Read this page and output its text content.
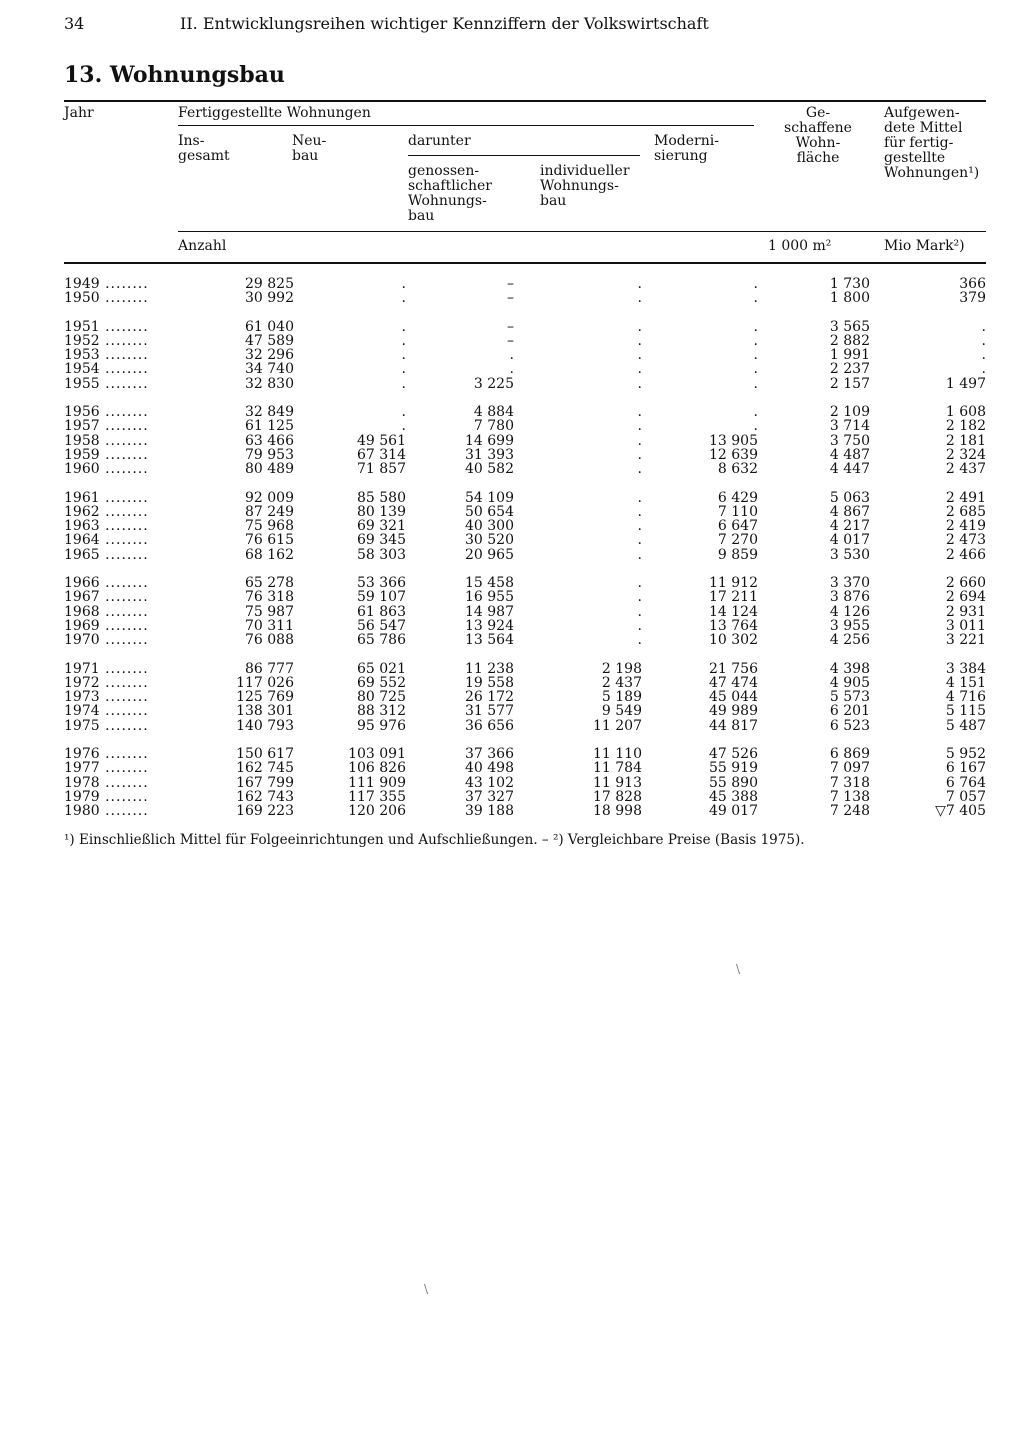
34	II. Entwicklungsreihen wichtiger Kennziffern der Volkswirtschaft
13. Wohnungsbau
Jahr	Fertiggestellte Wohnungen
Ins-
gesamt
Neu-
bau
darunter
genossen-
schaftlicher
Wohnungs-
bau
individueller
Wohnungs-
bau
Moderni-
sierung
Ge-
schaffene
Wohn-
fläche
Aufgewen-
dete Mittel
für fertig-
gestellte
Wohnungen¹)
Anzahl	1 000 m²	Mio Mark²)
1949 ........	29 825	.	–	.	.	1 730	366
1950 ........	30 992	.	–	.	.	1 800	379
1951 ........	61 040	.	–	.	.	3 565	.
1952 ........	47 589	.	–	.	.	2 882	.
1953 ........	32 296	.	.	.	.	1 991	.
1954 ........	34 740	.	.	.	.	2 237	.
1955 ........	32 830	.	3 225	.	.	2 157	1 497
1956 ........	32 849	.	4 884	.	.	2 109	1 608
1957 ........	61 125	.	7 780	.	.	3 714	2 182
1958 ........	63 466	49 561	14 699	.	13 905	3 750	2 181
1959 ........	79 953	67 314	31 393	.	12 639	4 487	2 324
1960 ........	80 489	71 857	40 582	.	8 632	4 447	2 437
1961 ........	92 009	85 580	54 109	.	6 429	5 063	2 491
1962 ........	87 249	80 139	50 654	.	7 110	4 867	2 685
1963 ........	75 968	69 321	40 300	.	6 647	4 217	2 419
1964 ........	76 615	69 345	30 520	.	7 270	4 017	2 473
1965 ........	68 162	58 303	20 965	.	9 859	3 530	2 466
1966 ........	65 278	53 366	15 458	.	11 912	3 370	2 660
1967 ........	76 318	59 107	16 955	.	17 211	3 876	2 694
1968 ........	75 987	61 863	14 987	.	14 124	4 126	2 931
1969 ........	70 311	56 547	13 924	.	13 764	3 955	3 011
1970 ........	76 088	65 786	13 564	.	10 302	4 256	3 221
1971 ........	86 777	65 021	11 238	2 198	21 756	4 398	3 384
1972 ........	117 026	69 552	19 558	2 437	47 474	4 905	4 151
1973 ........	125 769	80 725	26 172	5 189	45 044	5 573	4 716
1974 ........	138 301	88 312	31 577	9 549	49 989	6 201	5 115
1975 ........	140 793	95 976	36 656	11 207	44 817	6 523	5 487
1976 ........	150 617	103 091	37 366	11 110	47 526	6 869	5 952
1977 ........	162 745	106 826	40 498	11 784	55 919	7 097	6 167
1978 ........	167 799	111 909	43 102	11 913	55 890	7 318	6 764
1979 ........	162 743	117 355	37 327	17 828	45 388	7 138	7 057
1980 ........	169 223	120 206	39 188	18 998	49 017	7 248	▽7 405
¹) Einschließlich Mittel für Folgeeinrichtungen und Aufschließungen. – ²) Vergleichbare Preise (Basis 1975).
\
\
